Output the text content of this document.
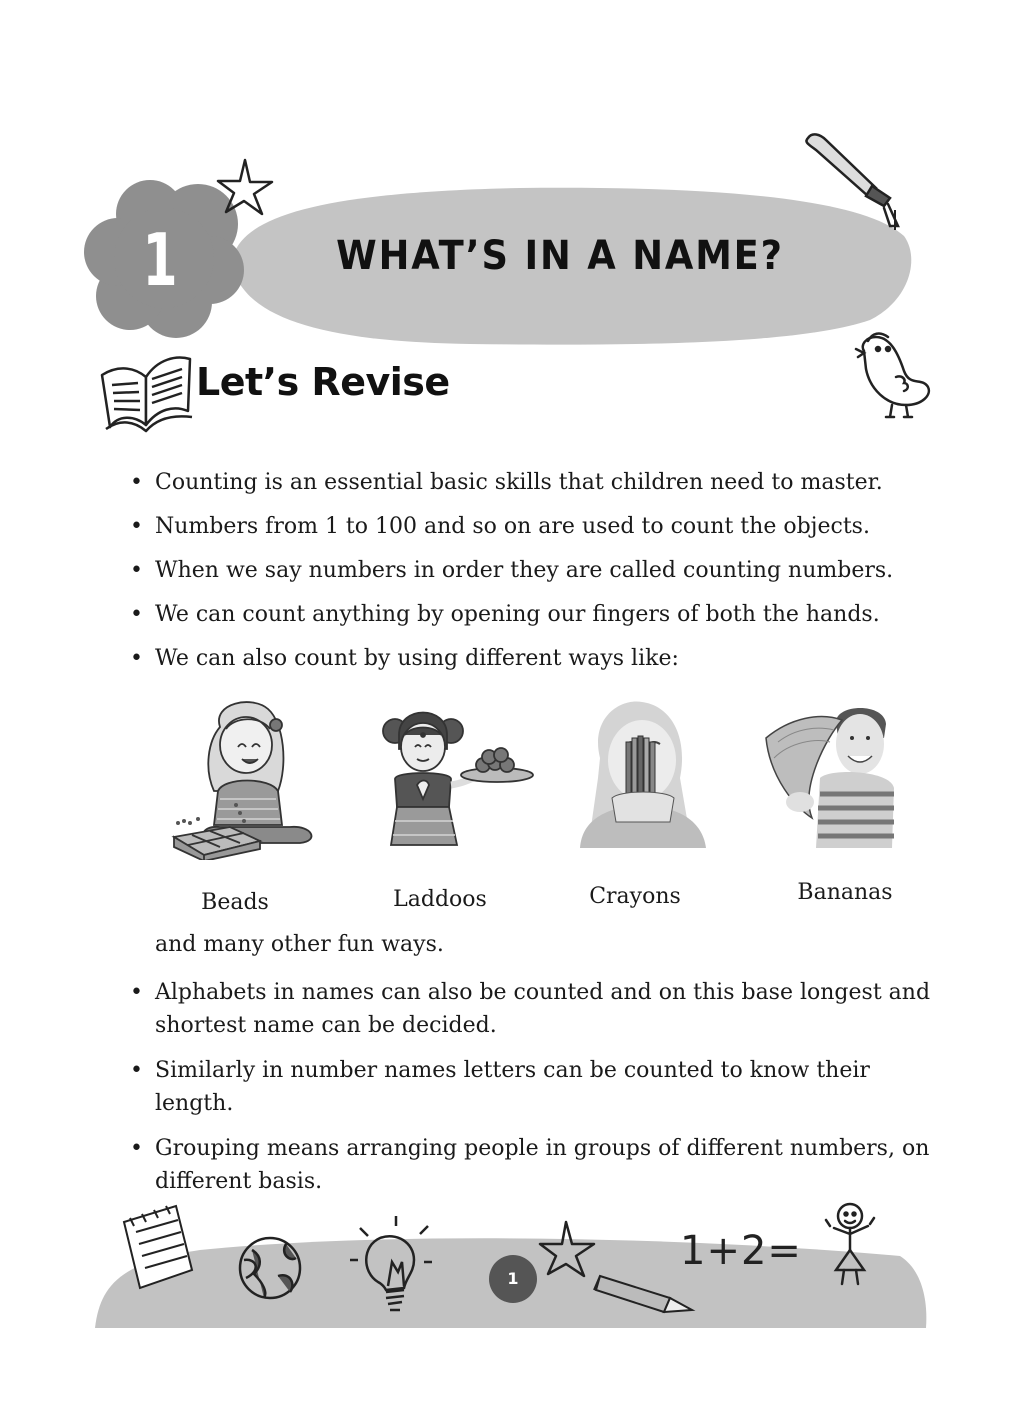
1	WHAT’S IN A NAME?
Let’s Revise
• Counting is an essential basic skills that children need to master.
• Numbers from 1 to 100 and so on are used to count the objects.
• When we say numbers in order they are called counting numbers.
• We can count anything by opening our fingers of both the hands.
• We can also count by using different ways like:
Beads	Laddoos	Crayons	Bananas
and many other fun ways.
• Alphabets in names can also be counted and on this base longest and shortest name can be decided.
• Similarly in number names letters can be counted to know their length.
• Grouping means arranging people in groups of different numbers, on different basis.
1
1+2=
